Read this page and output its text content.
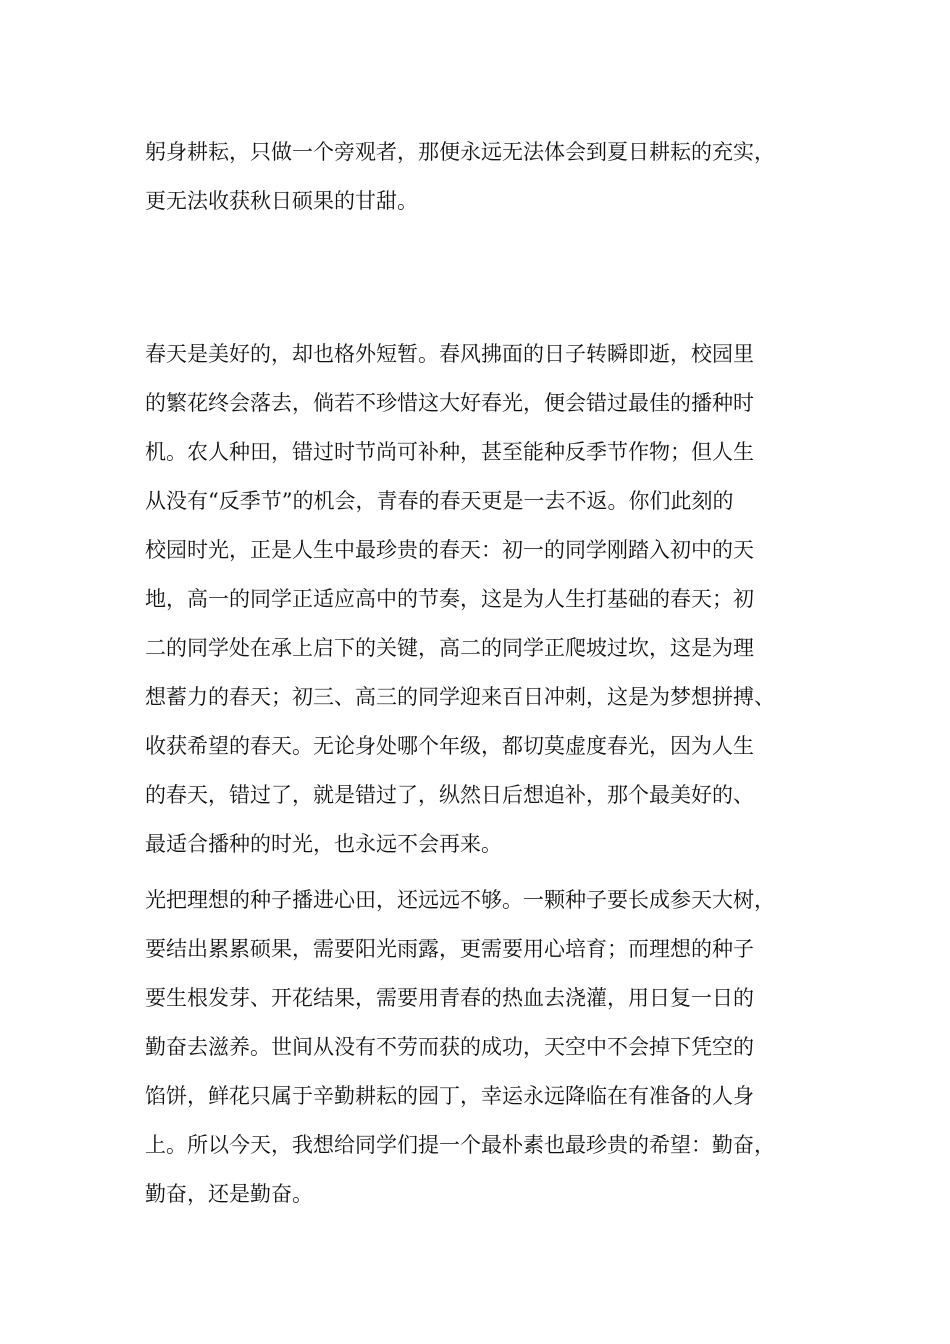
躬身耕耘，只做一个旁观者，那便永远无法体会到夏日耕耘的充实，
更无法收获秋日硕果的甘甜。
春天是美好的，却也格外短暂。春风拂面的日子转瞬即逝，校园里
的繁花终会落去，倘若不珍惜这大好春光，便会错过最佳的播种时
机。农人种田，错过时节尚可补种，甚至能种反季节作物；但人生
从没有“反季节”的机会，青春的春天更是一去不返。你们此刻的
校园时光，正是人生中最珍贵的春天：初一的同学刚踏入初中的天
地，高一的同学正适应高中的节奏，这是为人生打基础的春天；初
二的同学处在承上启下的关键，高二的同学正爬坡过坎，这是为理
想蓄力的春天；初三、高三的同学迎来百日冲刺，这是为梦想拼搏、
收获希望的春天。无论身处哪个年级，都切莫虚度春光，因为人生
的春天，错过了，就是错过了，纵然日后想追补，那个最美好的、
最适合播种的时光，也永远不会再来。
光把理想的种子播进心田，还远远不够。一颗种子要长成参天大树，
要结出累累硕果，需要阳光雨露，更需要用心培育；而理想的种子
要生根发芽、开花结果，需要用青春的热血去浇灌，用日复一日的
勤奋去滋养。世间从没有不劳而获的成功，天空中不会掉下凭空的
馅饼，鲜花只属于辛勤耕耘的园丁，幸运永远降临在有准备的人身
上。所以今天，我想给同学们提一个最朴素也最珍贵的希望：勤奋，
勤奋，还是勤奋。
